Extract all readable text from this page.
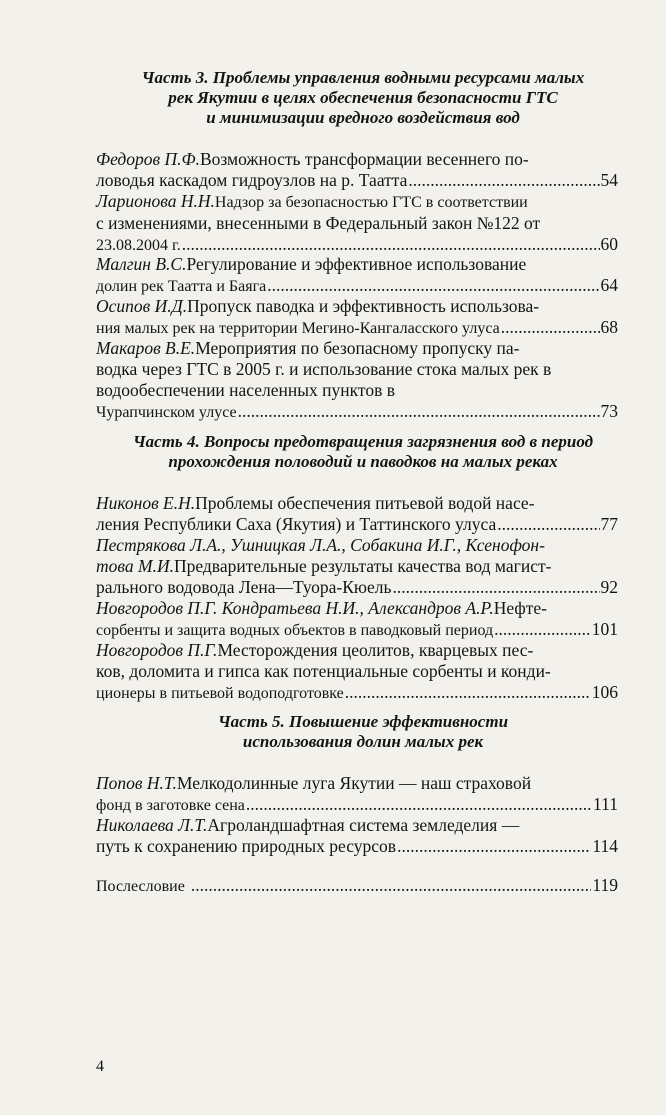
Часть 3. Проблемы управления водными ресурсами малых
рек Якутии в целях обеспечения безопасности ГТС
и минимизации вредного воздействия вод
Федоров П.Ф. Возможность трансформации весеннего по-
ловодья каскадом гидроузлов на р. Таатта .....	54
Ларионова Н.Н. Надзор за безопасностью ГТС в соответствии
с изменениями, внесенными в Федеральный закон №122 от
23.08.2004 г. .....	60
Малгин В.С. Регулирование и эффективное использование
долин рек Таатта и Баяга .....	64
Осипов И.Д. Пропуск паводка и эффективность использова-
ния малых рек на территории Мегино-Кангаласского улуса .....	68
Макаров В.Е. Мероприятия по безопасному пропуску па-
водка через ГТС в 2005 г. и использование стока малых рек в
водообеспечении населенных пунктов в
Чурапчинском улусе .....	73
Часть 4. Вопросы предотвращения загрязнения вод в период
прохождения половодий и паводков на малых реках
Никонов Е.Н. Проблемы обеспечения питьевой водой насе-
ления Республики Саха (Якутия) и Таттинского улуса .....	77
Пестрякова Л.А., Ушницкая Л.А., Собакина И.Г., Ксенофон-
това М.И. Предварительные результаты качества вод магист-
рального водовода Лена—Туора-Кюель .....	92
Новгородов П.Г. Кондратьева Н.И., Александров А.Р. Нефте-
сорбенты и защита водных объектов в паводковый период .....	101
Новгородов П.Г. Месторождения цеолитов, кварцевых пес-
ков, доломита и гипса как потенциальные сорбенты и конди-
ционеры в питьевой водоподготовке .....	106
Часть 5. Повышение эффективности
использования долин малых рек
Попов Н.Т. Мелкодолинные луга Якутии — наш страховой
фонд в заготовке сена .....	111
Николаева Л.Т. Агроландшафтная система земледелия —
путь к сохранению природных ресурсов .....	114
Послесловие .....	119
4
